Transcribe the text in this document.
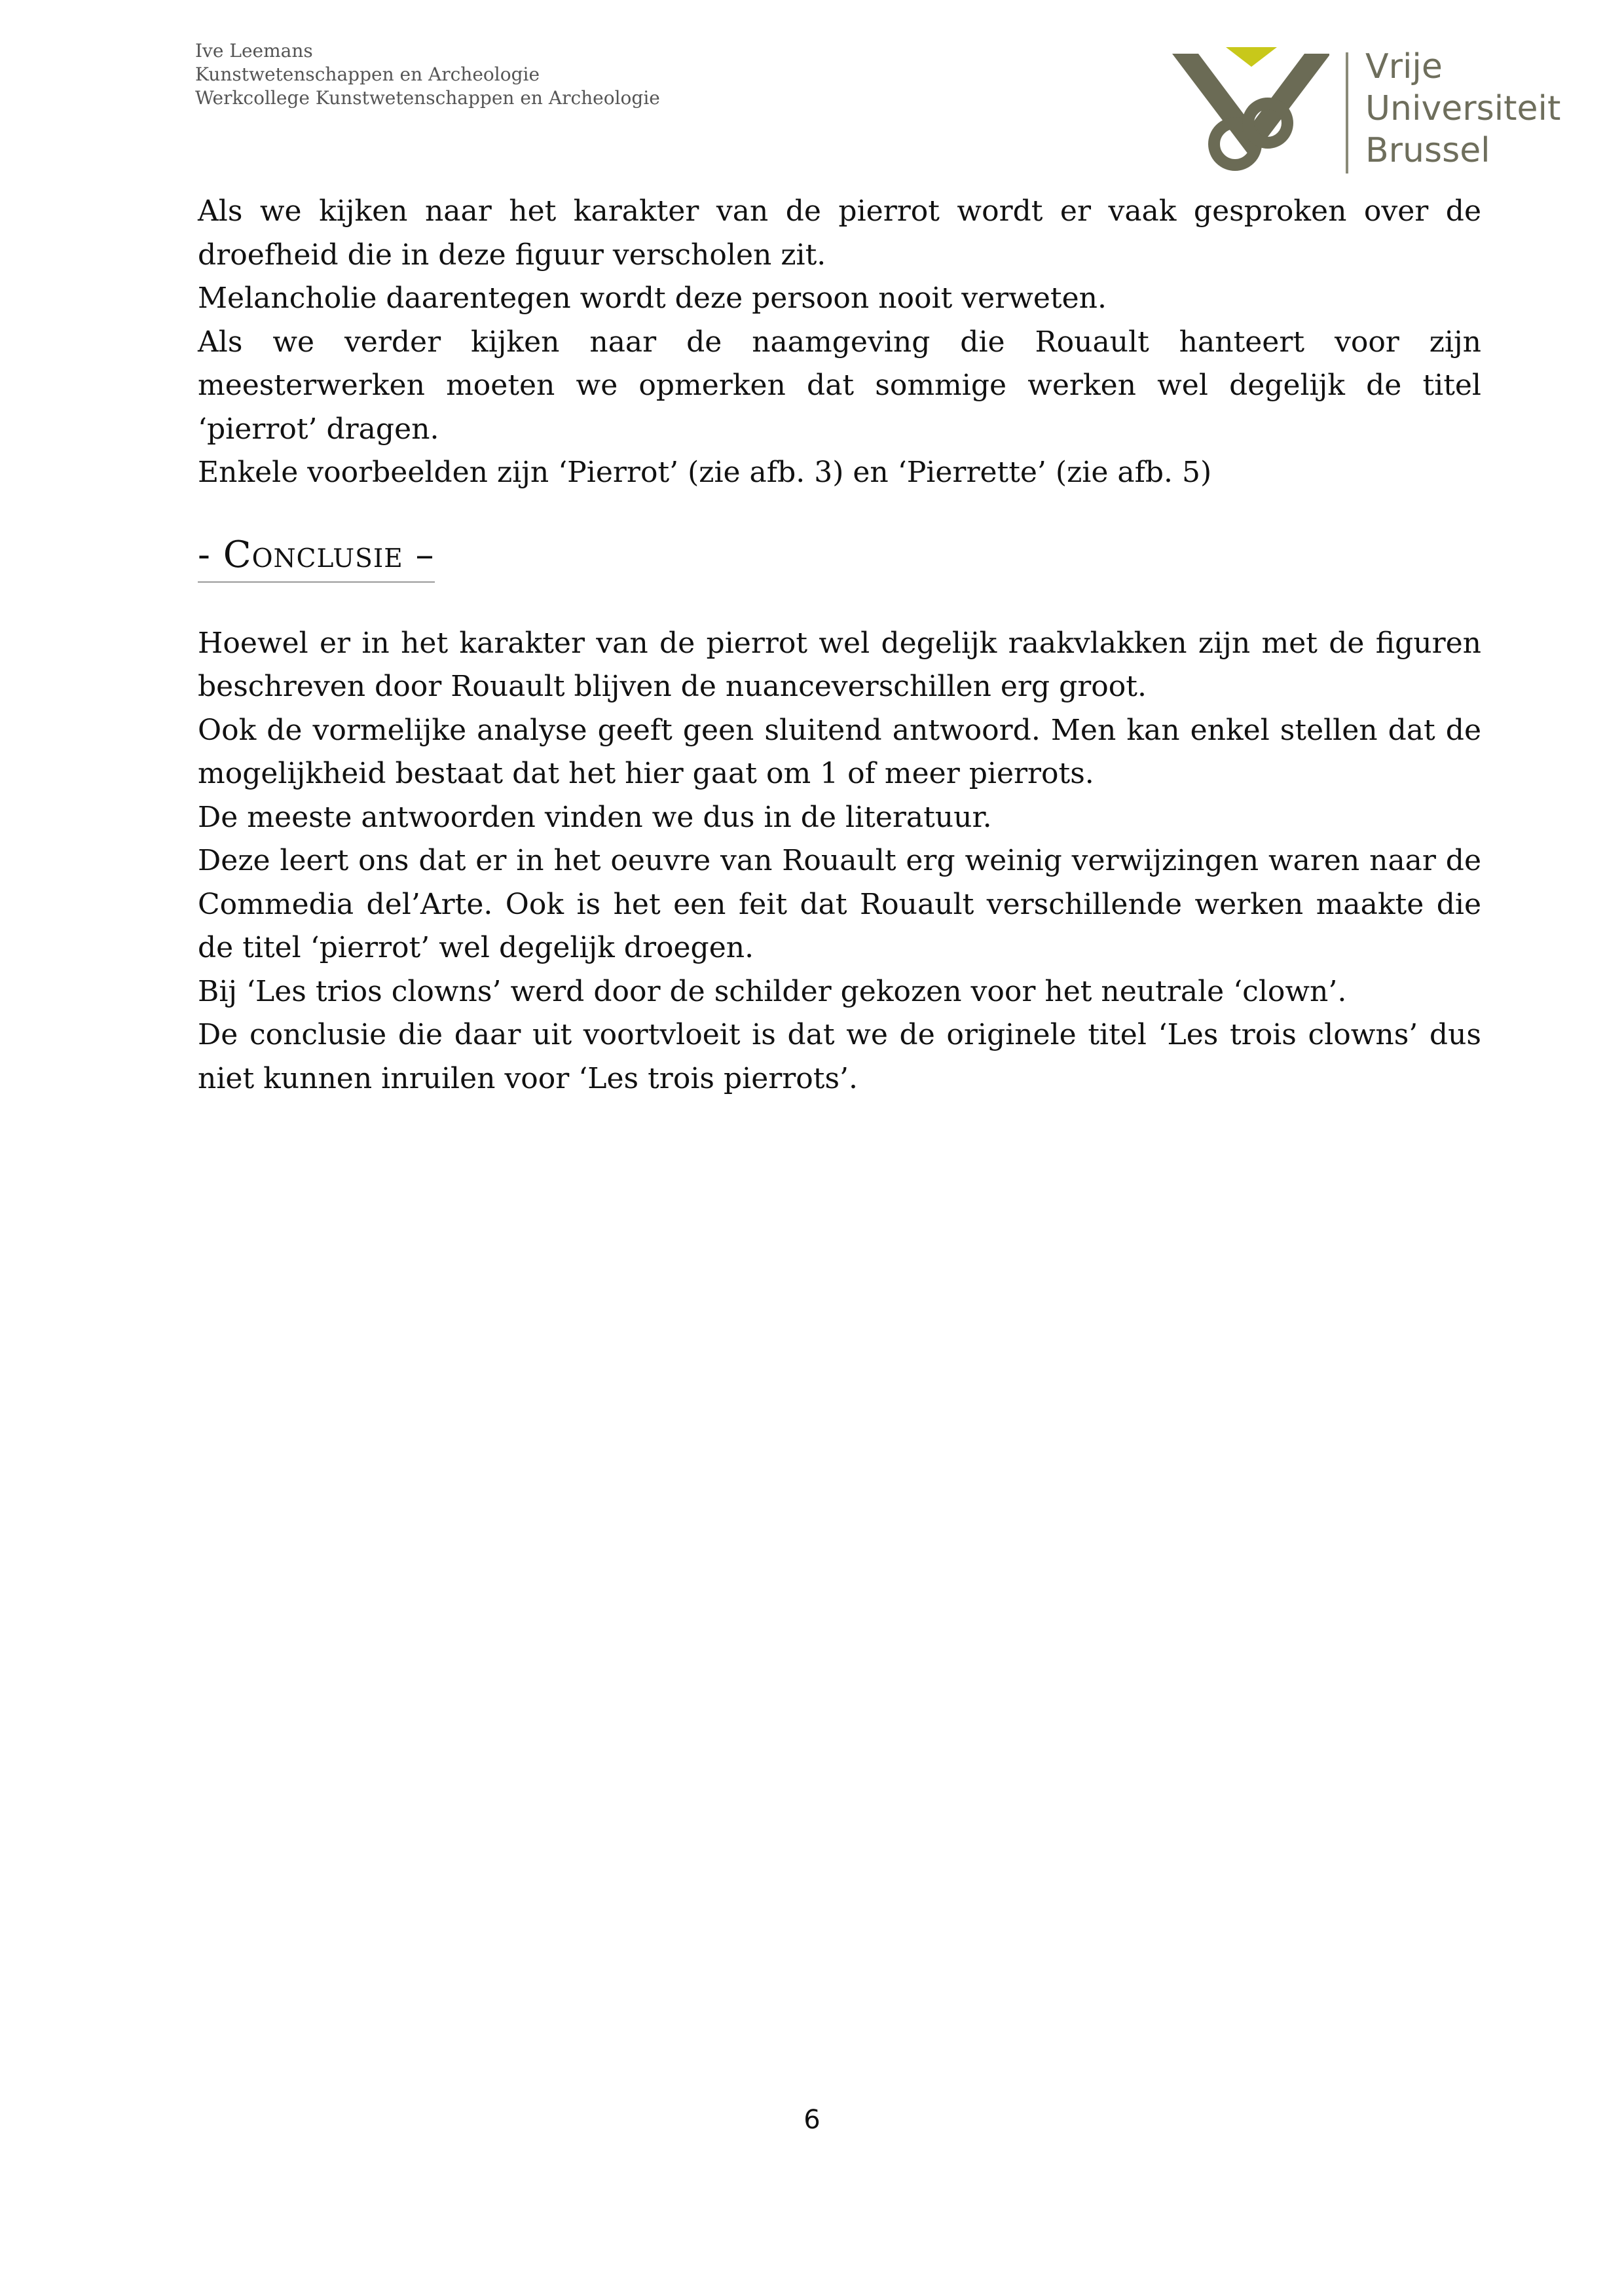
Ive Leemans
Kunstwetenschappen en Archeologie
Werkcollege Kunstwetenschappen en Archeologie
Vrije
Universiteit
Brussel

Als we kijken naar het karakter van de pierrot wordt er vaak gesproken over de droefheid die in deze figuur verscholen zit.

Melancholie daarentegen wordt deze persoon nooit verweten.

Als we verder kijken naar de naamgeving die Rouault hanteert voor zijn meesterwerken moeten we opmerken dat sommige werken wel degelijk de titel ‘pierrot’ dragen.

Enkele voorbeelden zijn ‘Pierrot’ (zie afb. 3) en ‘Pierrette’ (zie afb. 5)

- Conclusie –

Hoewel er in het karakter van de pierrot wel degelijk raakvlakken zijn met de figuren beschreven door Rouault blijven de nuanceverschillen erg groot.

Ook de vormelijke analyse geeft geen sluitend antwoord. Men kan enkel stellen dat de mogelijkheid bestaat dat het hier gaat om 1 of meer pierrots.

De meeste antwoorden vinden we dus in de literatuur.

Deze leert ons dat er in het oeuvre van Rouault erg weinig verwijzingen waren naar de Commedia del’Arte. Ook is het een feit dat Rouault verschillende werken maakte die de titel ‘pierrot’ wel degelijk droegen.

Bij ‘Les trios clowns’ werd door de schilder gekozen voor het neutrale ‘clown’.

De conclusie die daar uit voortvloeit is dat we de originele titel ‘Les trois clowns’ dus niet kunnen inruilen voor ‘Les trois pierrots’.

6
